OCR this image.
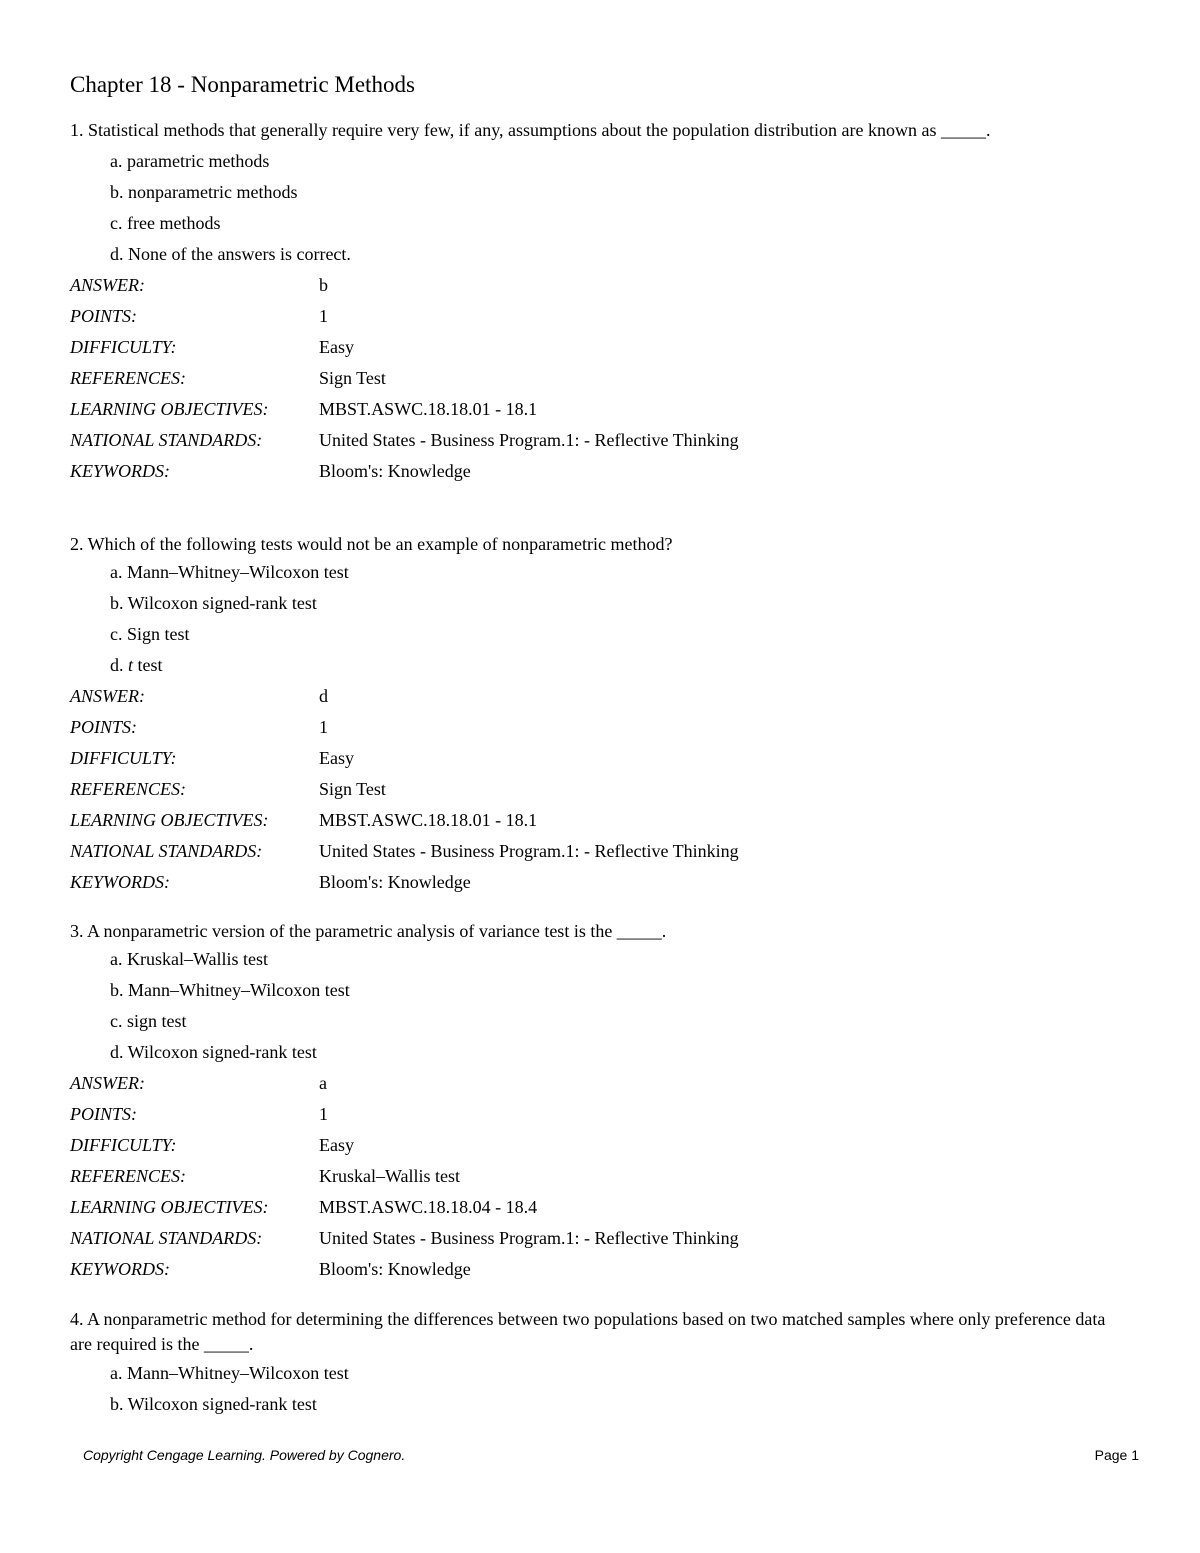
Chapter 18 - Nonparametric Methods
1. Statistical methods that generally require very few, if any, assumptions about the population distribution are known as _____.
a. parametric methods
b. nonparametric methods
c. free methods
d. None of the answers is correct.
ANSWER:	b
POINTS:	1
DIFFICULTY:	Easy
REFERENCES:	Sign Test
LEARNING OBJECTIVES:	MBST.ASWC.18.18.01 - 18.1
NATIONAL STANDARDS:	United States - Business Program.1: - Reflective Thinking
KEYWORDS:	Bloom's: Knowledge
2. Which of the following tests would not be an example of nonparametric method?
a. Mann–Whitney–Wilcoxon test
b. Wilcoxon signed-rank test
c. Sign test
d. t test
ANSWER:	d
POINTS:	1
DIFFICULTY:	Easy
REFERENCES:	Sign Test
LEARNING OBJECTIVES:	MBST.ASWC.18.18.01 - 18.1
NATIONAL STANDARDS:	United States - Business Program.1: - Reflective Thinking
KEYWORDS:	Bloom's: Knowledge
3. A nonparametric version of the parametric analysis of variance test is the _____.
a. Kruskal–Wallis test
b. Mann–Whitney–Wilcoxon test
c. sign test
d. Wilcoxon signed-rank test
ANSWER:	a
POINTS:	1
DIFFICULTY:	Easy
REFERENCES:	Kruskal–Wallis test
LEARNING OBJECTIVES:	MBST.ASWC.18.18.04 - 18.4
NATIONAL STANDARDS:	United States - Business Program.1: - Reflective Thinking
KEYWORDS:	Bloom's: Knowledge
4. A nonparametric method for determining the differences between two populations based on two matched samples where only preference data are required is the _____.
a. Mann–Whitney–Wilcoxon test
b. Wilcoxon signed-rank test
Copyright Cengage Learning. Powered by Cognero.	Page 1
